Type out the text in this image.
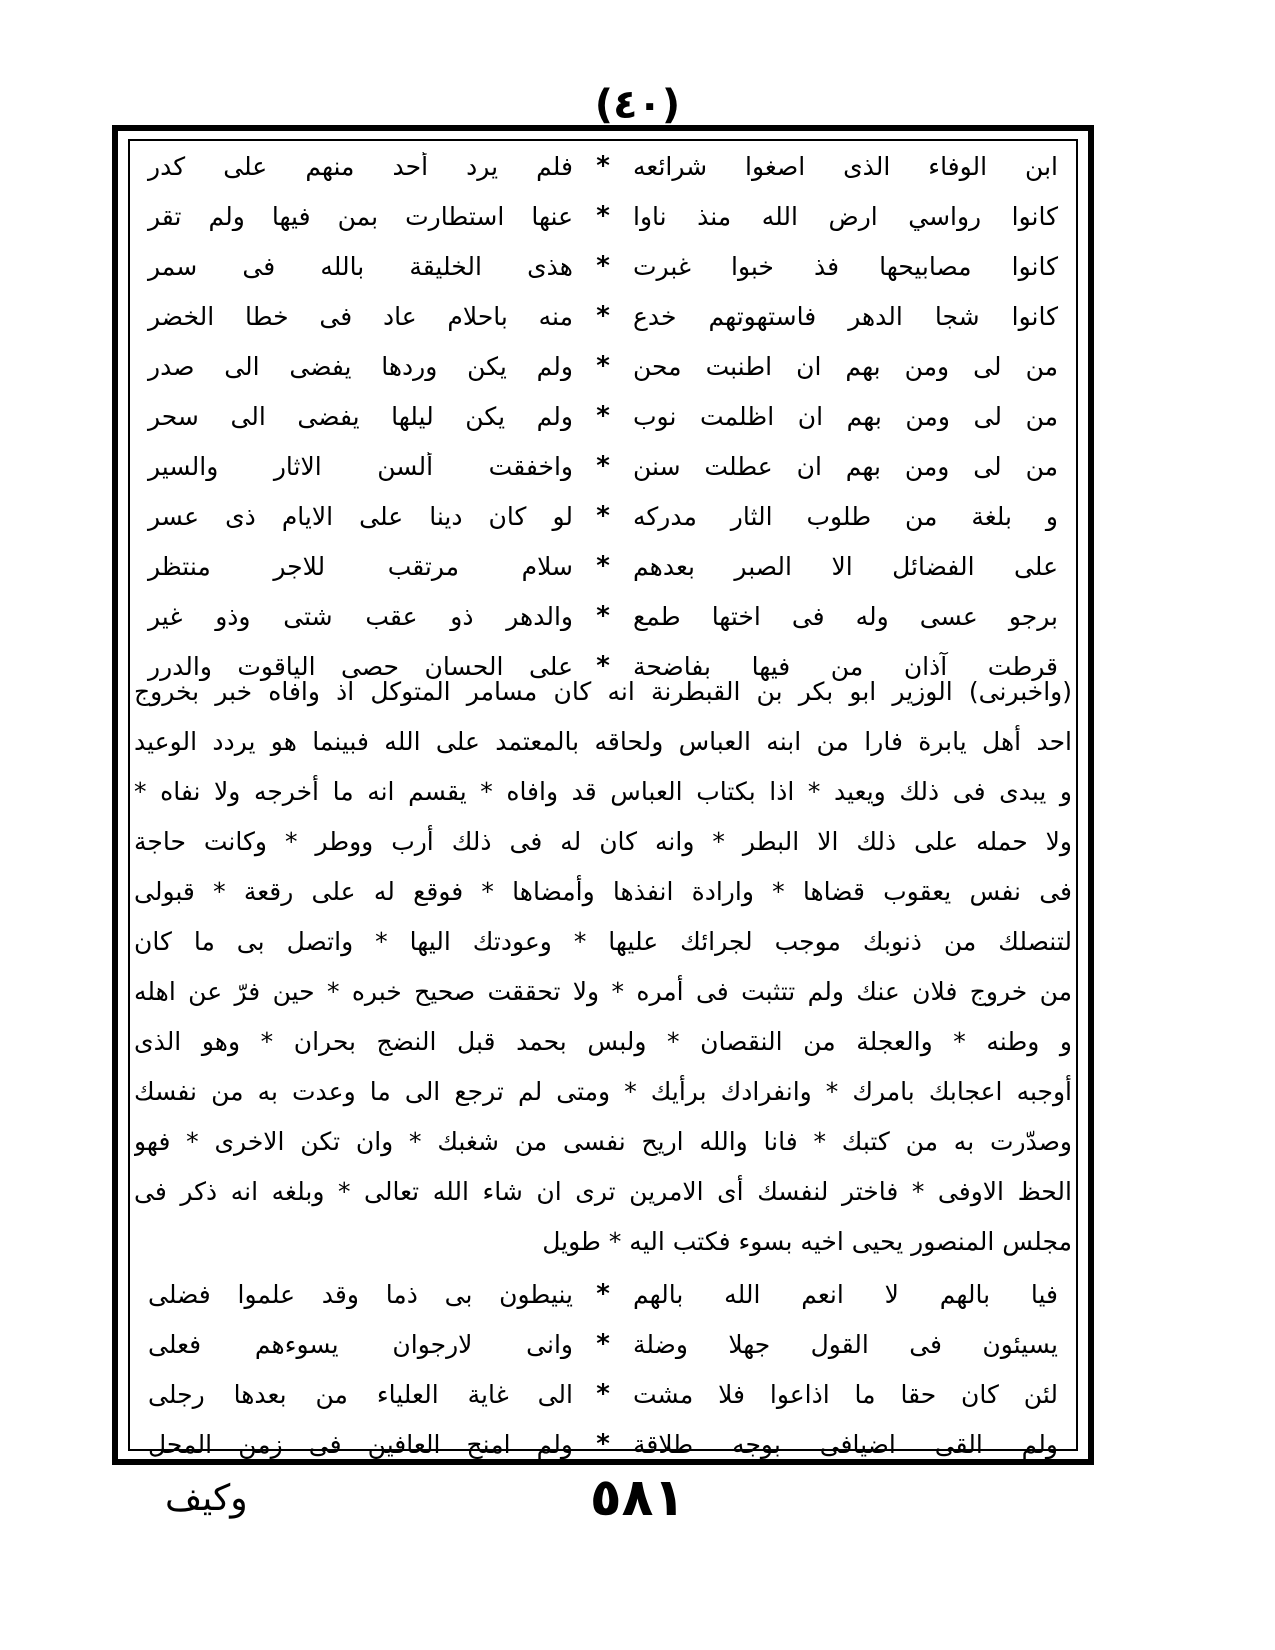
(٤٠)
ابن الوفاء الذی اصغوا شرائعه
*
فلم يرد أحد منهم علی كدر
كانوا رواسي ارض الله منذ ناوا
*
عنها استطارت بمن فيها ولم تقر
كانوا مصابيحها فذ خبوا غبرت
*
هذی الخليقة بالله فی سمر
كانوا شجا الدهر فاستهوتهم خدع
*
منه باحلام عاد فی خطا الخضر
من لی ومن بهم ان اطنبت محن
*
ولم يكن وردها يفضی الی صدر
من لی ومن بهم ان اظلمت نوب
*
ولم يكن ليلها يفضی الی سحر
من لی ومن بهم ان عطلت سنن
*
واخفقت ألسن الاثار والسير
و بلغة من طلوب الثار مدركه
*
لو كان دينا علی الايام ذی عسر
علی الفضائل الا الصبر بعدهم
*
سلام مرتقب للاجر منتظر
برجو عسى وله فی اختها طمع
*
والدهر ذو عقب شتی وذو غير
قرطت آذان من فيها بفاضحة
*
علی الحسان حصی الياقوت والدرر
(واخبرنی) الوزير ابو بكر بن القبطرنة انه كان مسامر المتوكل اذ وافاه خبر بخروج
احد أهل يابرة فارا من ابنه العباس ولحاقه بالمعتمد علی الله فبينما هو يردد الوعيد
و يبدی فی ذلك ويعيد * اذا بكتاب العباس قد وافاه * يقسم انه ما أخرجه ولا نفاه *
ولا حمله علی ذلك الا البطر * وانه كان له فی ذلك أرب ووطر * وكانت حاجة
فی نفس يعقوب قضاها * وارادة انفذها وأمضاها * فوقع له علی رقعة * قبولی
لتنصلك من ذنوبك موجب لجرائك عليها * وعودتك اليها * واتصل بی ما كان
من خروج فلان عنك ولم تتثبت فی أمره * ولا تحققت صحيح خبره * حين فرّ عن اهله
و وطنه * والعجلة من النقصان * ولبس بحمد قبل النضج بحران * وهو الذی
أوجبه اعجابك بامرك * وانفرادك برأيك * ومتی لم ترجع الی ما وعدت به من نفسك
وصدّرت به من كتبك * فانا والله اريح نفسی من شغبك * وان تكن الاخری * فهو
الحظ الاوفی * فاختر لنفسك أی الامرين ترى ان شاء الله تعالی * وبلغه انه ذكر فی
مجلس المنصور يحيى اخيه بسوء فكتب اليه * طويل
فيا بالهم لا انعم الله بالهم
*
ينيطون بی ذما وقد علموا فضلی
يسيئون فی القول جهلا وضلة
*
وانی لارجوان يسوءهم فعلی
لئن كان حقا ما اذاعوا فلا مشت
*
الی غاية العلياء من بعدها رجلی
ولم القى اضيافی بوجه طلاقة
*
ولم امنح العافين فی زمن المحل
وكيف	٥٨١
